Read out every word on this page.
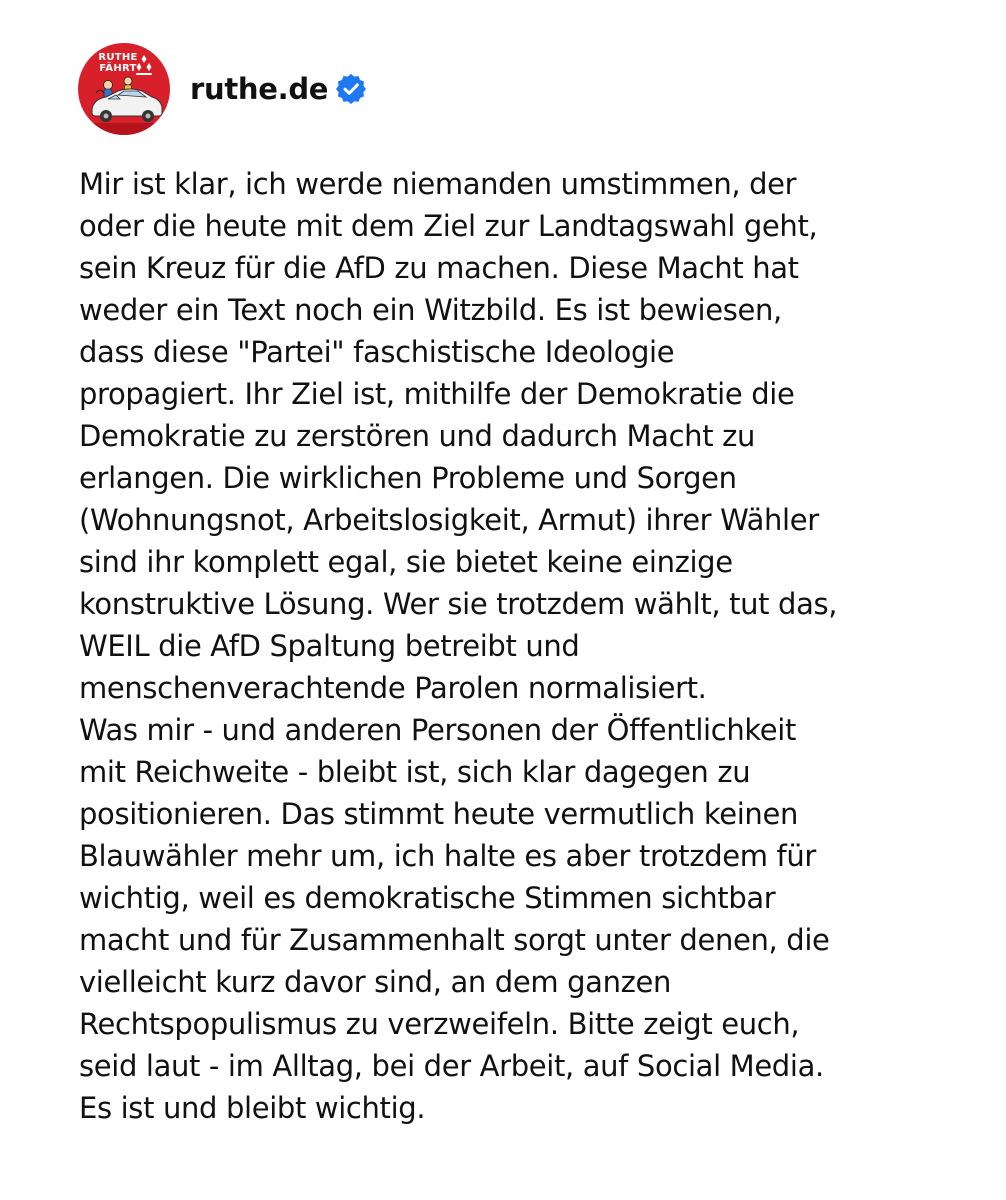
RUTHE
FÄHRT
ruthe.de
Mir ist klar, ich werde niemanden umstimmen, der
oder die heute mit dem Ziel zur Landtagswahl geht,
sein Kreuz für die AfD zu machen. Diese Macht hat
weder ein Text noch ein Witzbild. Es ist bewiesen,
dass diese "Partei" faschistische Ideologie
propagiert. Ihr Ziel ist, mithilfe der Demokratie die
Demokratie zu zerstören und dadurch Macht zu
erlangen. Die wirklichen Probleme und Sorgen
(Wohnungsnot, Arbeitslosigkeit, Armut) ihrer Wähler
sind ihr komplett egal, sie bietet keine einzige
konstruktive Lösung. Wer sie trotzdem wählt, tut das,
WEIL die AfD Spaltung betreibt und
menschenverachtende Parolen normalisiert.
Was mir - und anderen Personen der Öffentlichkeit
mit Reichweite - bleibt ist, sich klar dagegen zu
positionieren. Das stimmt heute vermutlich keinen
Blauwähler mehr um, ich halte es aber trotzdem für
wichtig, weil es demokratische Stimmen sichtbar
macht und für Zusammenhalt sorgt unter denen, die
vielleicht kurz davor sind, an dem ganzen
Rechtspopulismus zu verzweifeln. Bitte zeigt euch,
seid laut - im Alltag, bei der Arbeit, auf Social Media.
Es ist und bleibt wichtig.
